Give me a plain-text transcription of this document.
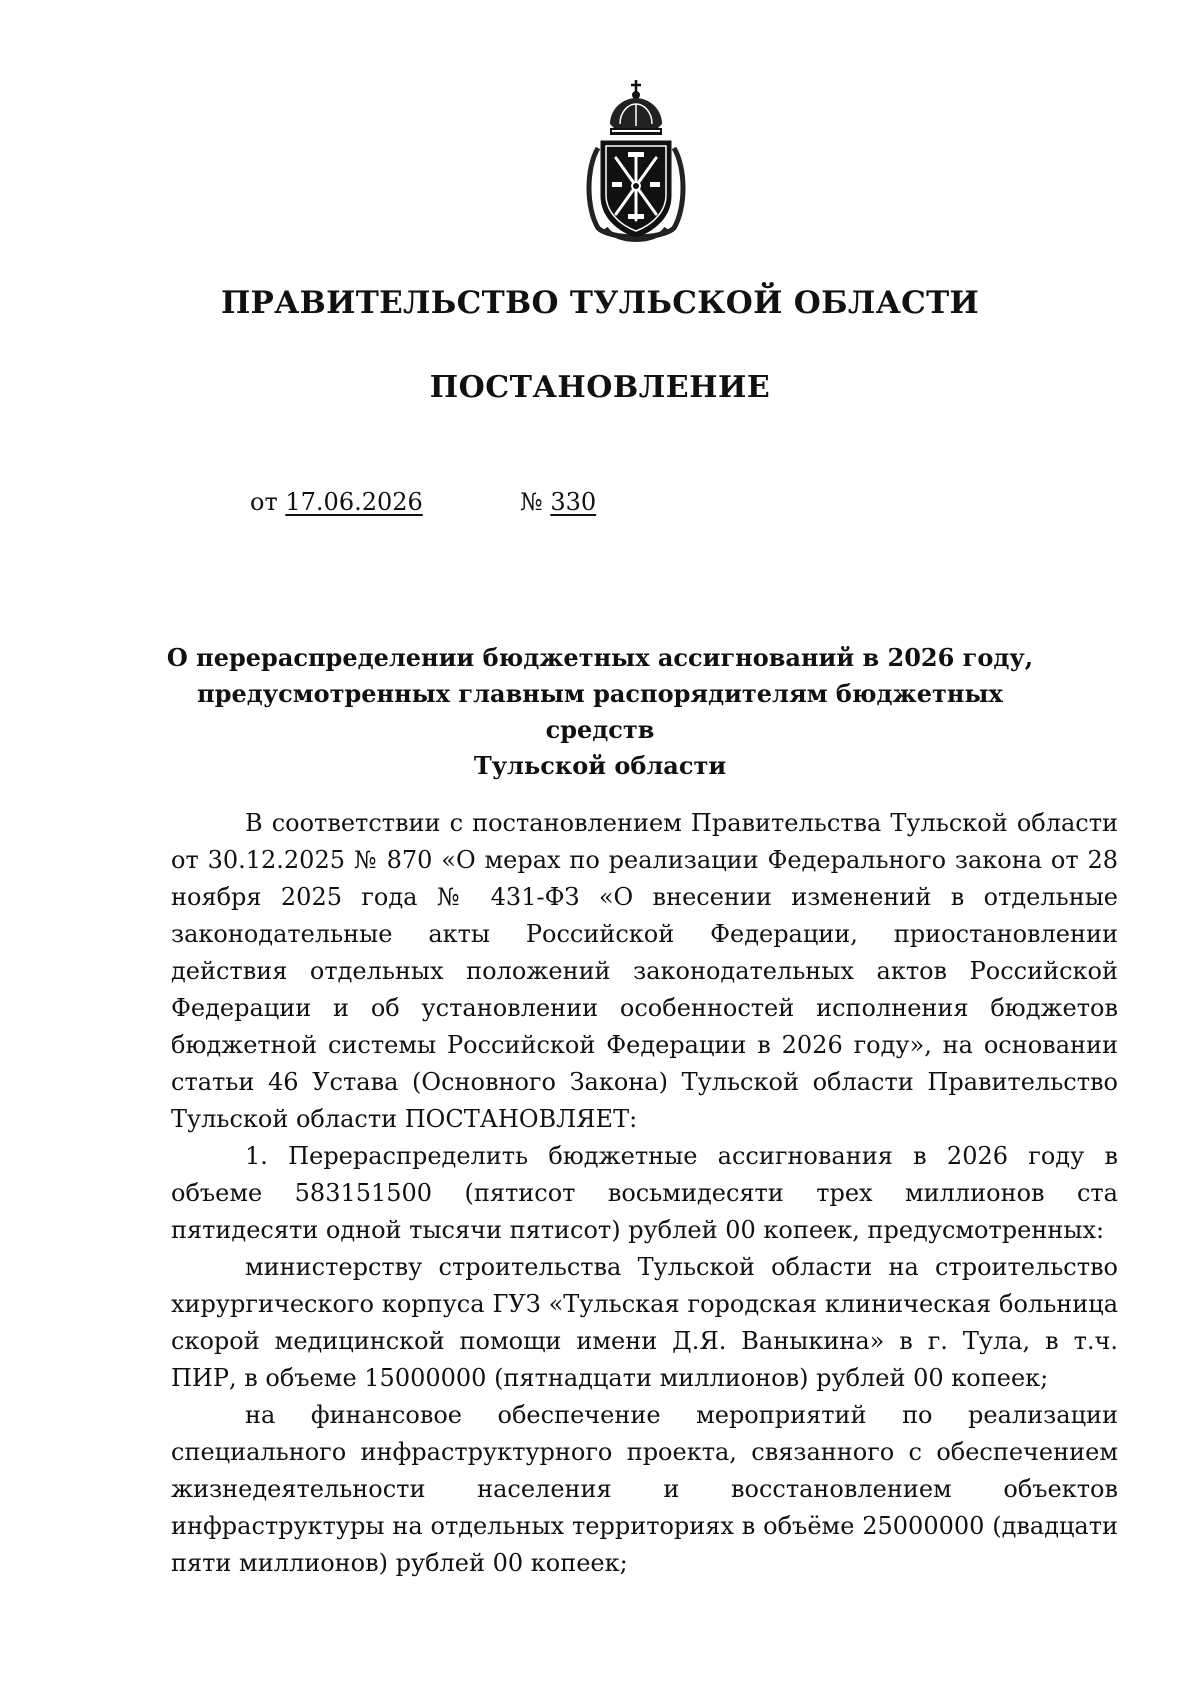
ПРАВИТЕЛЬСТВО ТУЛЬСКОЙ ОБЛАСТИ
ПОСТАНОВЛЕНИЕ
от 17.06.2026	№ 330
О перераспределении бюджетных ассигнований в 2026 году,
предусмотренных главным распорядителям бюджетных средств
Тульской области

В соответствии с постановлением Правительства Тульской области от 30.12.2025 № 870 «О мерах по реализации Федерального закона от 28 ноября 2025 года № 431-ФЗ «О внесении изменений в отдельные законодательные акты Российской Федерации, приостановлении действия отдельных положений законодательных актов Российской Федерации и об установлении особенностей исполнения бюджетов бюджетной системы Российской Федерации в 2026 году», на основании статьи 46 Устава (Основного Закона) Тульской области Правительство Тульской области ПОСТАНОВЛЯЕТ:

1. Перераспределить бюджетные ассигнования в 2026 году в объеме 583151500 (пятисот восьмидесяти трех миллионов ста пятидесяти одной тысячи пятисот) рублей 00 копеек, предусмотренных:

министерству строительства Тульской области на строительство хирургического корпуса ГУЗ «Тульская городская клиническая больница скорой медицинской помощи имени Д.Я. Ваныкина» в г. Тула, в т.ч. ПИР, в объеме 15000000 (пятнадцати миллионов) рублей 00 копеек;

на финансовое обеспечение мероприятий по реализации специального инфраструктурного проекта, связанного с обеспечением жизнедеятельности населения и восстановлением объектов инфраструктуры на отдельных территориях в объёме 25000000 (двадцати пяти миллионов) рублей 00 копеек;
